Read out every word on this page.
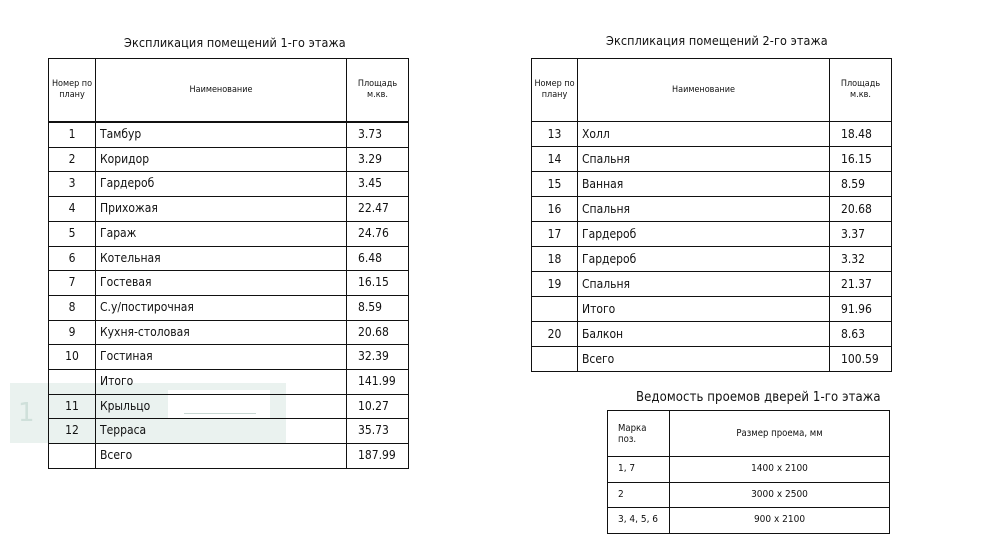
1
Экспликация помещений 1-го этажа
Номер по плану	Наименование	Площадь м.кв.

1	Тамбур	3.73
2	Коридор	3.29
3	Гардероб	3.45
4	Прихожая	22.47
5	Гараж	24.76
6	Котельная	6.48
7	Гостевая	16.15
8	С.у/постирочная	8.59
9	Кухня-столовая	20.68
10	Гостиная	32.39
	Итого	141.99
11	Крыльцо	10.27
12	Терраса	35.73
	Всего	187.99
Экспликация помещений 2-го этажа
Номер по плану	Наименование	Площадь м.кв.
13	Холл	18.48
14	Спальня	16.15
15	Ванная	8.59
16	Спальня	20.68
17	Гардероб	3.37
18	Гардероб	3.32
19	Спальня	21.37
	Итого	91.96
20	Балкон	8.63
	Всего	100.59
Ведомость проемов дверей 1-го этажа
Марка поз.	Размер проема, мм
1, 7	1400 x 2100
2	3000 x 2500
3, 4, 5, 6	900 x 2100
